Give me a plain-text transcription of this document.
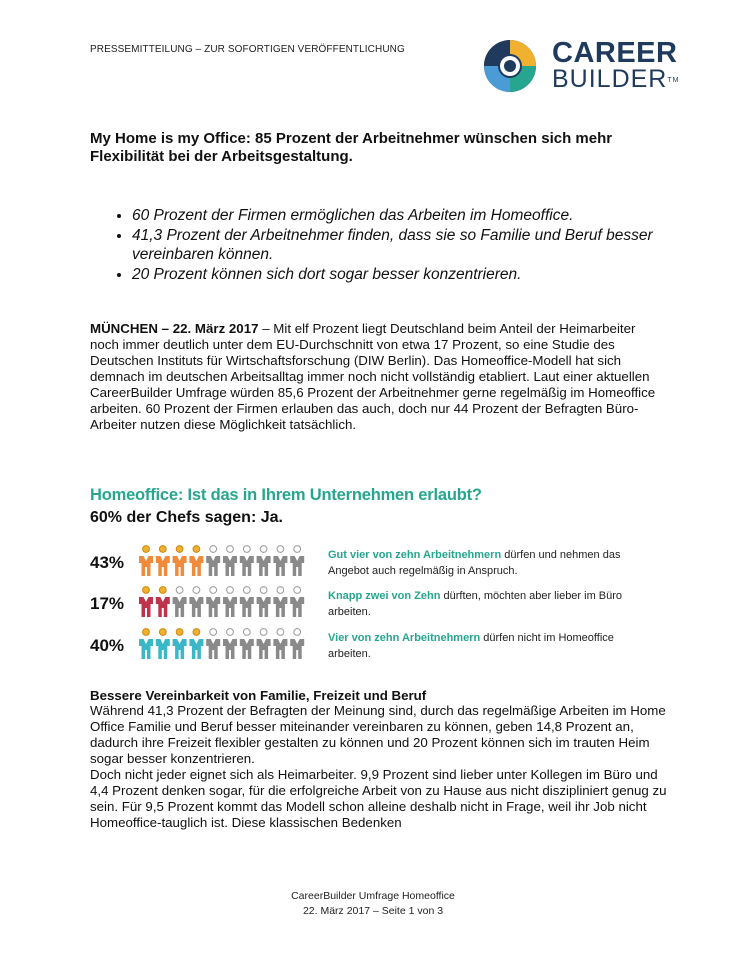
PRESSEMITTEILUNG – ZUR SOFORTIGEN VERÖFFENTLICHUNG	CAREER
BUILDER™
My Home is my Office: 85 Prozent der Arbeitnehmer wünschen sich mehr Flexibilität bei der Arbeitsgestaltung.
• 60 Prozent der Firmen ermöglichen das Arbeiten im Homeoffice.
• 41,3 Prozent der Arbeitnehmer finden, dass sie so Familie und Beruf besser vereinbaren können.
• 20 Prozent können sich dort sogar besser konzentrieren.
MÜNCHEN – 22. März 2017 – Mit elf Prozent liegt Deutschland beim Anteil der Heimarbeiter noch immer deutlich unter dem EU-Durchschnitt von etwa 17 Prozent, so eine Studie des Deutschen Instituts für Wirtschaftsforschung (DIW Berlin). Das Homeoffice-Modell hat sich demnach im deutschen Arbeitsalltag immer noch nicht vollständig etabliert. Laut einer aktuellen CareerBuilder Umfrage würden 85,6 Prozent der Arbeitnehmer gerne regelmäßig im Homeoffice arbeiten. 60 Prozent der Firmen erlauben das auch, doch nur 44 Prozent der Befragten Büro-Arbeiter nutzen diese Möglichkeit tatsächlich.
Homeoffice: Ist das in Ihrem Unternehmen erlaubt?
60% der Chefs sagen: Ja.
43%	Gut vier von zehn Arbeitnehmern dürfen und nehmen das Angebot auch regelmäßig in Anspruch.
17%	Knapp zwei von Zehn dürften, möchten aber lieber im Büro arbeiten.
40%	Vier von zehn Arbeitnehmern dürfen nicht im Homeoffice arbeiten.
Bessere Vereinbarkeit von Familie, Freizeit und Beruf
Während 41,3 Prozent der Befragten der Meinung sind, durch das regelmäßige Arbeiten im Home Office Familie und Beruf besser miteinander vereinbaren zu können, geben 14,8 Prozent an, dadurch ihre Freizeit flexibler gestalten zu können und 20 Prozent können sich im trauten Heim sogar besser konzentrieren.
Doch nicht jeder eignet sich als Heimarbeiter. 9,9 Prozent sind lieber unter Kollegen im Büro und 4,4 Prozent denken sogar, für die erfolgreiche Arbeit von zu Hause aus nicht diszipliniert genug zu sein. Für 9,5 Prozent kommt das Modell schon alleine deshalb nicht in Frage, weil ihr Job nicht Homeoffice-tauglich ist. Diese klassischen Bedenken
CareerBuilder Umfrage Homeoffice
22. März 2017 – Seite 1 von 3
